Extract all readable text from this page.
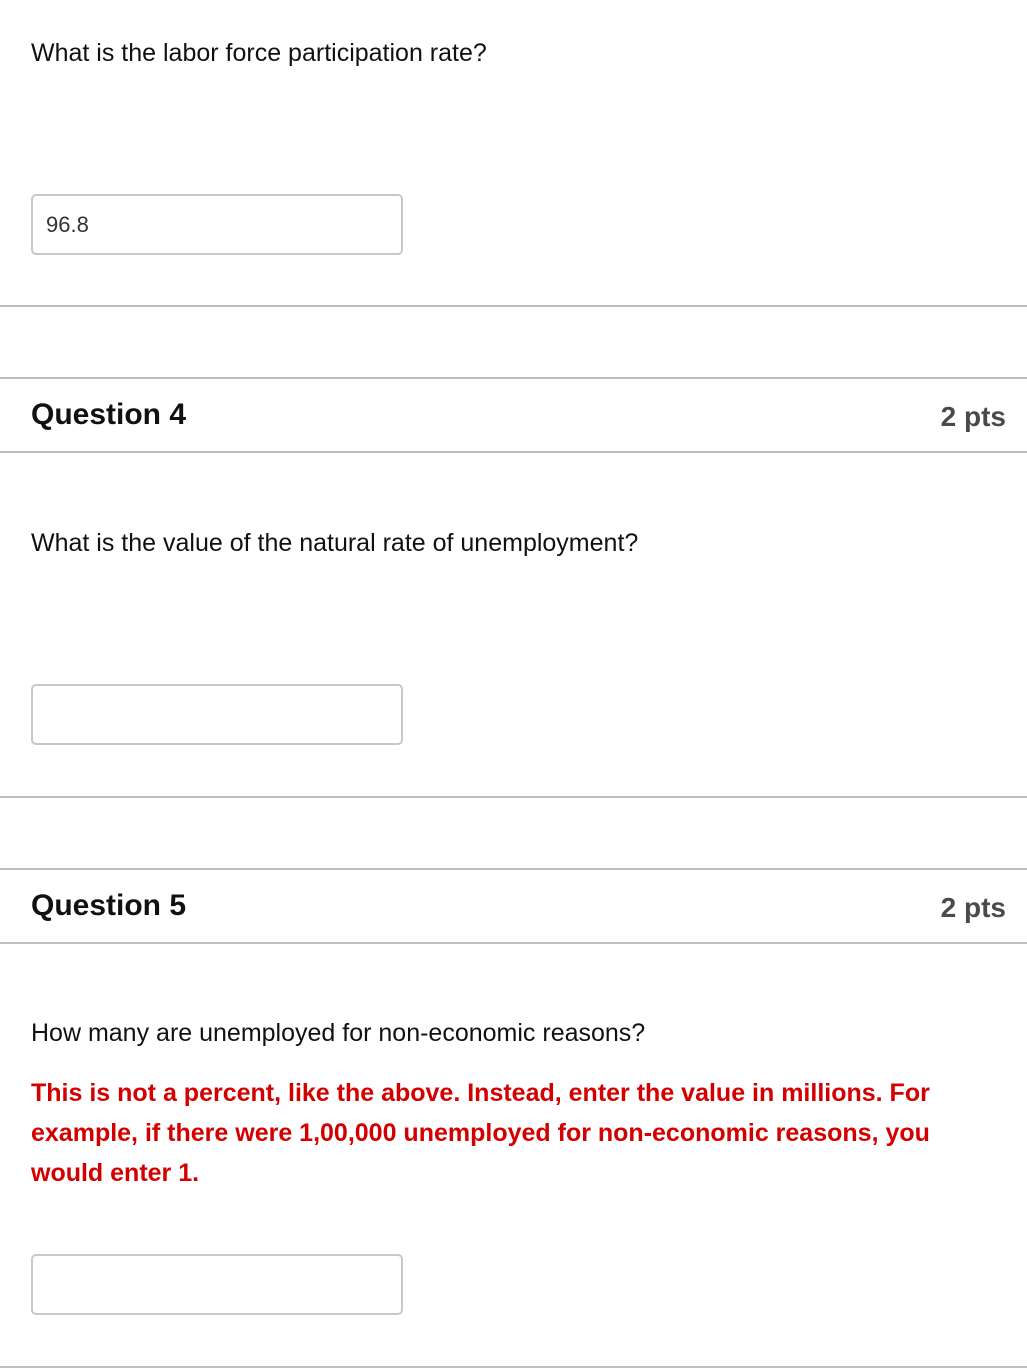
What is the labor force participation rate?

96.8
Question 4	2 pts

What is the value of the natural rate of unemployment?

Question 5	2 pts

How many are unemployed for non-economic reasons?

This is not a percent, like the above. Instead, enter the value in millions. For example, if there were 1,00,000 unemployed for non-economic reasons, you would enter 1.
